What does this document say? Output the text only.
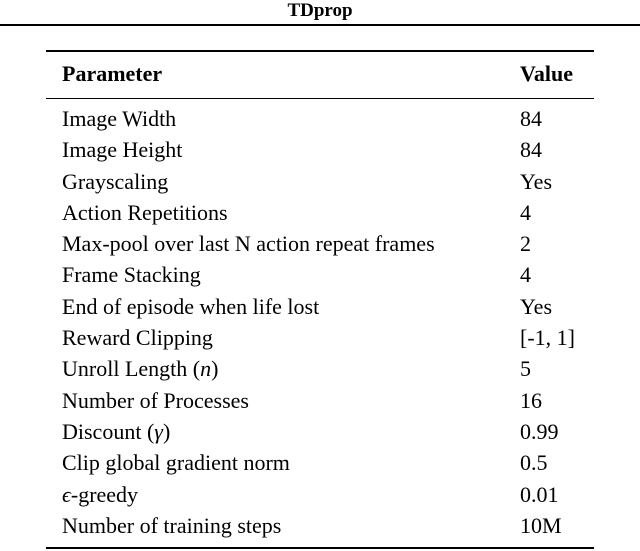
TDprop
Parameter	Value
Image Width	84
Image Height	84
Grayscaling	Yes
Action Repetitions	4
Max-pool over last N action repeat frames	2
Frame Stacking	4
End of episode when life lost	Yes
Reward Clipping	[-1, 1]
Unroll Length (n)	5
Number of Processes	16
Discount (γ)	0.99
Clip global gradient norm	0.5
ϵ-greedy	0.01
Number of training steps	10M
